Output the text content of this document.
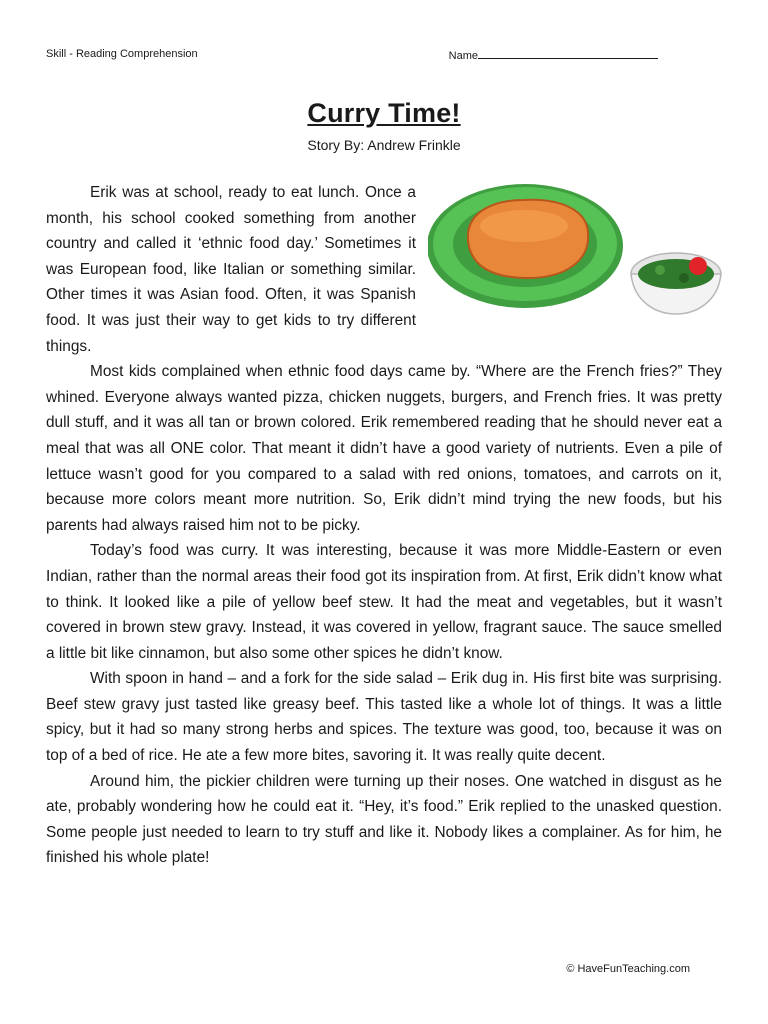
Skill - Reading Comprehension	Name
Curry Time!
Story By: Andrew Frinkle

Erik was at school, ready to eat lunch. Once a month, his school cooked something from another country and called it ‘ethnic food day.’ Sometimes it was European food, like Italian or something similar. Other times it was Asian food. Often, it was Spanish food. It was just their way to get kids to try different things.

Most kids complained when ethnic food days came by. “Where are the French fries?” They whined. Everyone always wanted pizza, chicken nuggets, burgers, and French fries. It was pretty dull stuff, and it was all tan or brown colored. Erik remembered reading that he should never eat a meal that was all ONE color. That meant it didn’t have a good variety of nutrients. Even a pile of lettuce wasn’t good for you compared to a salad with red onions, tomatoes, and carrots on it, because more colors meant more nutrition. So, Erik didn’t mind trying the new foods, but his parents had always raised him not to be picky.

Today’s food was curry. It was interesting, because it was more Middle-Eastern or even Indian, rather than the normal areas their food got its inspiration from. At first, Erik didn’t know what to think. It looked like a pile of yellow beef stew. It had the meat and vegetables, but it wasn’t covered in brown stew gravy. Instead, it was covered in yellow, fragrant sauce. The sauce smelled a little bit like cinnamon, but also some other spices he didn’t know.

With spoon in hand – and a fork for the side salad – Erik dug in. His first bite was surprising. Beef stew gravy just tasted like greasy beef. This tasted like a whole lot of things. It was a little spicy, but it had so many strong herbs and spices. The texture was good, too, because it was on top of a bed of rice. He ate a few more bites, savoring it. It was really quite decent.

Around him, the pickier children were turning up their noses. One watched in disgust as he ate, probably wondering how he could eat it. “Hey, it’s food.” Erik replied to the unasked question. Some people just needed to learn to try stuff and like it. Nobody likes a complainer. As for him, he finished his whole plate!

© HaveFunTeaching.com
